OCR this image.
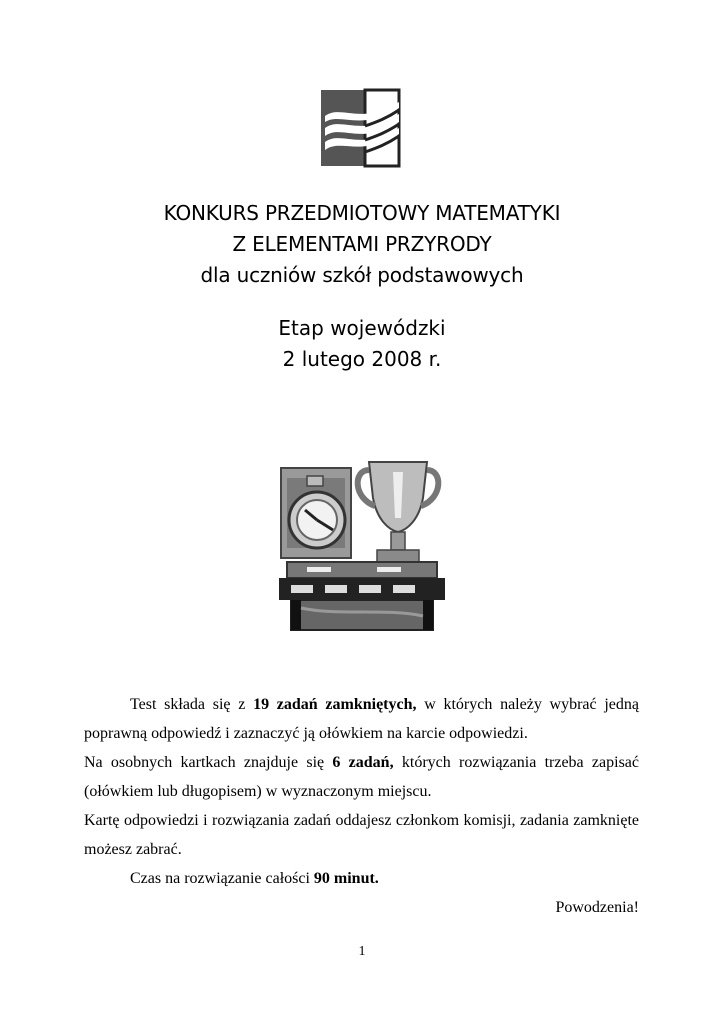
KONKURS PRZEDMIOTOWY MATEMATYKI
Z ELEMENTAMI PRZYRODY
dla uczniów szkół podstawowych
Etap wojewódzki
2 lutego 2008 r.

Test składa się z 19 zadań zamkniętych, w których należy wybrać jedną poprawną odpowiedź i zaznaczyć ją ołówkiem na karcie odpowiedzi.

Na osobnych kartkach znajduje się 6 zadań, których rozwiązania trzeba zapisać (ołówkiem lub długopisem) w wyznaczonym miejscu.

Kartę odpowiedzi i rozwiązania zadań oddajesz członkom komisji, zadania zamknięte możesz zabrać.

Czas na rozwiązanie całości 90 minut.

Powodzenia!

1
